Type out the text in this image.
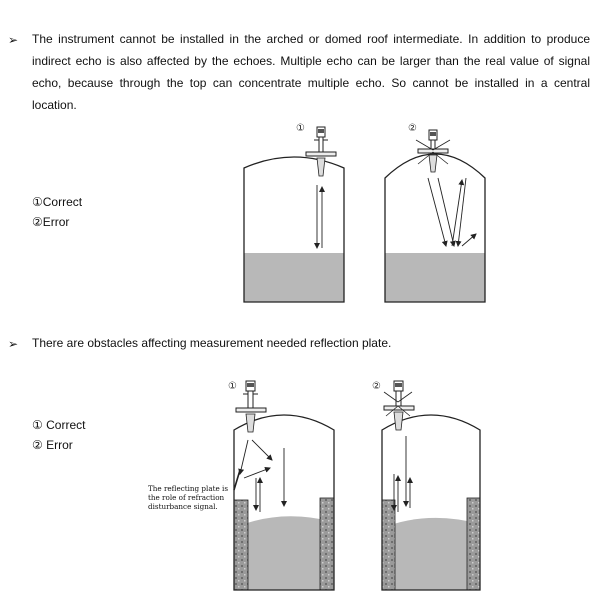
➢ The instrument cannot be installed in the arched or domed roof intermediate. In addition to produce indirect echo is also affected by the echoes. Multiple echo can be larger than the real value of signal echo, because through the top can concentrate multiple echo. So cannot be installed in a central location.
①Correct
②Error
①	②
➢ There are obstacles affecting measurement needed reflection plate.
① Correct
② Error
The reflecting plate is
the role of refraction
disturbance signal.
①	②
